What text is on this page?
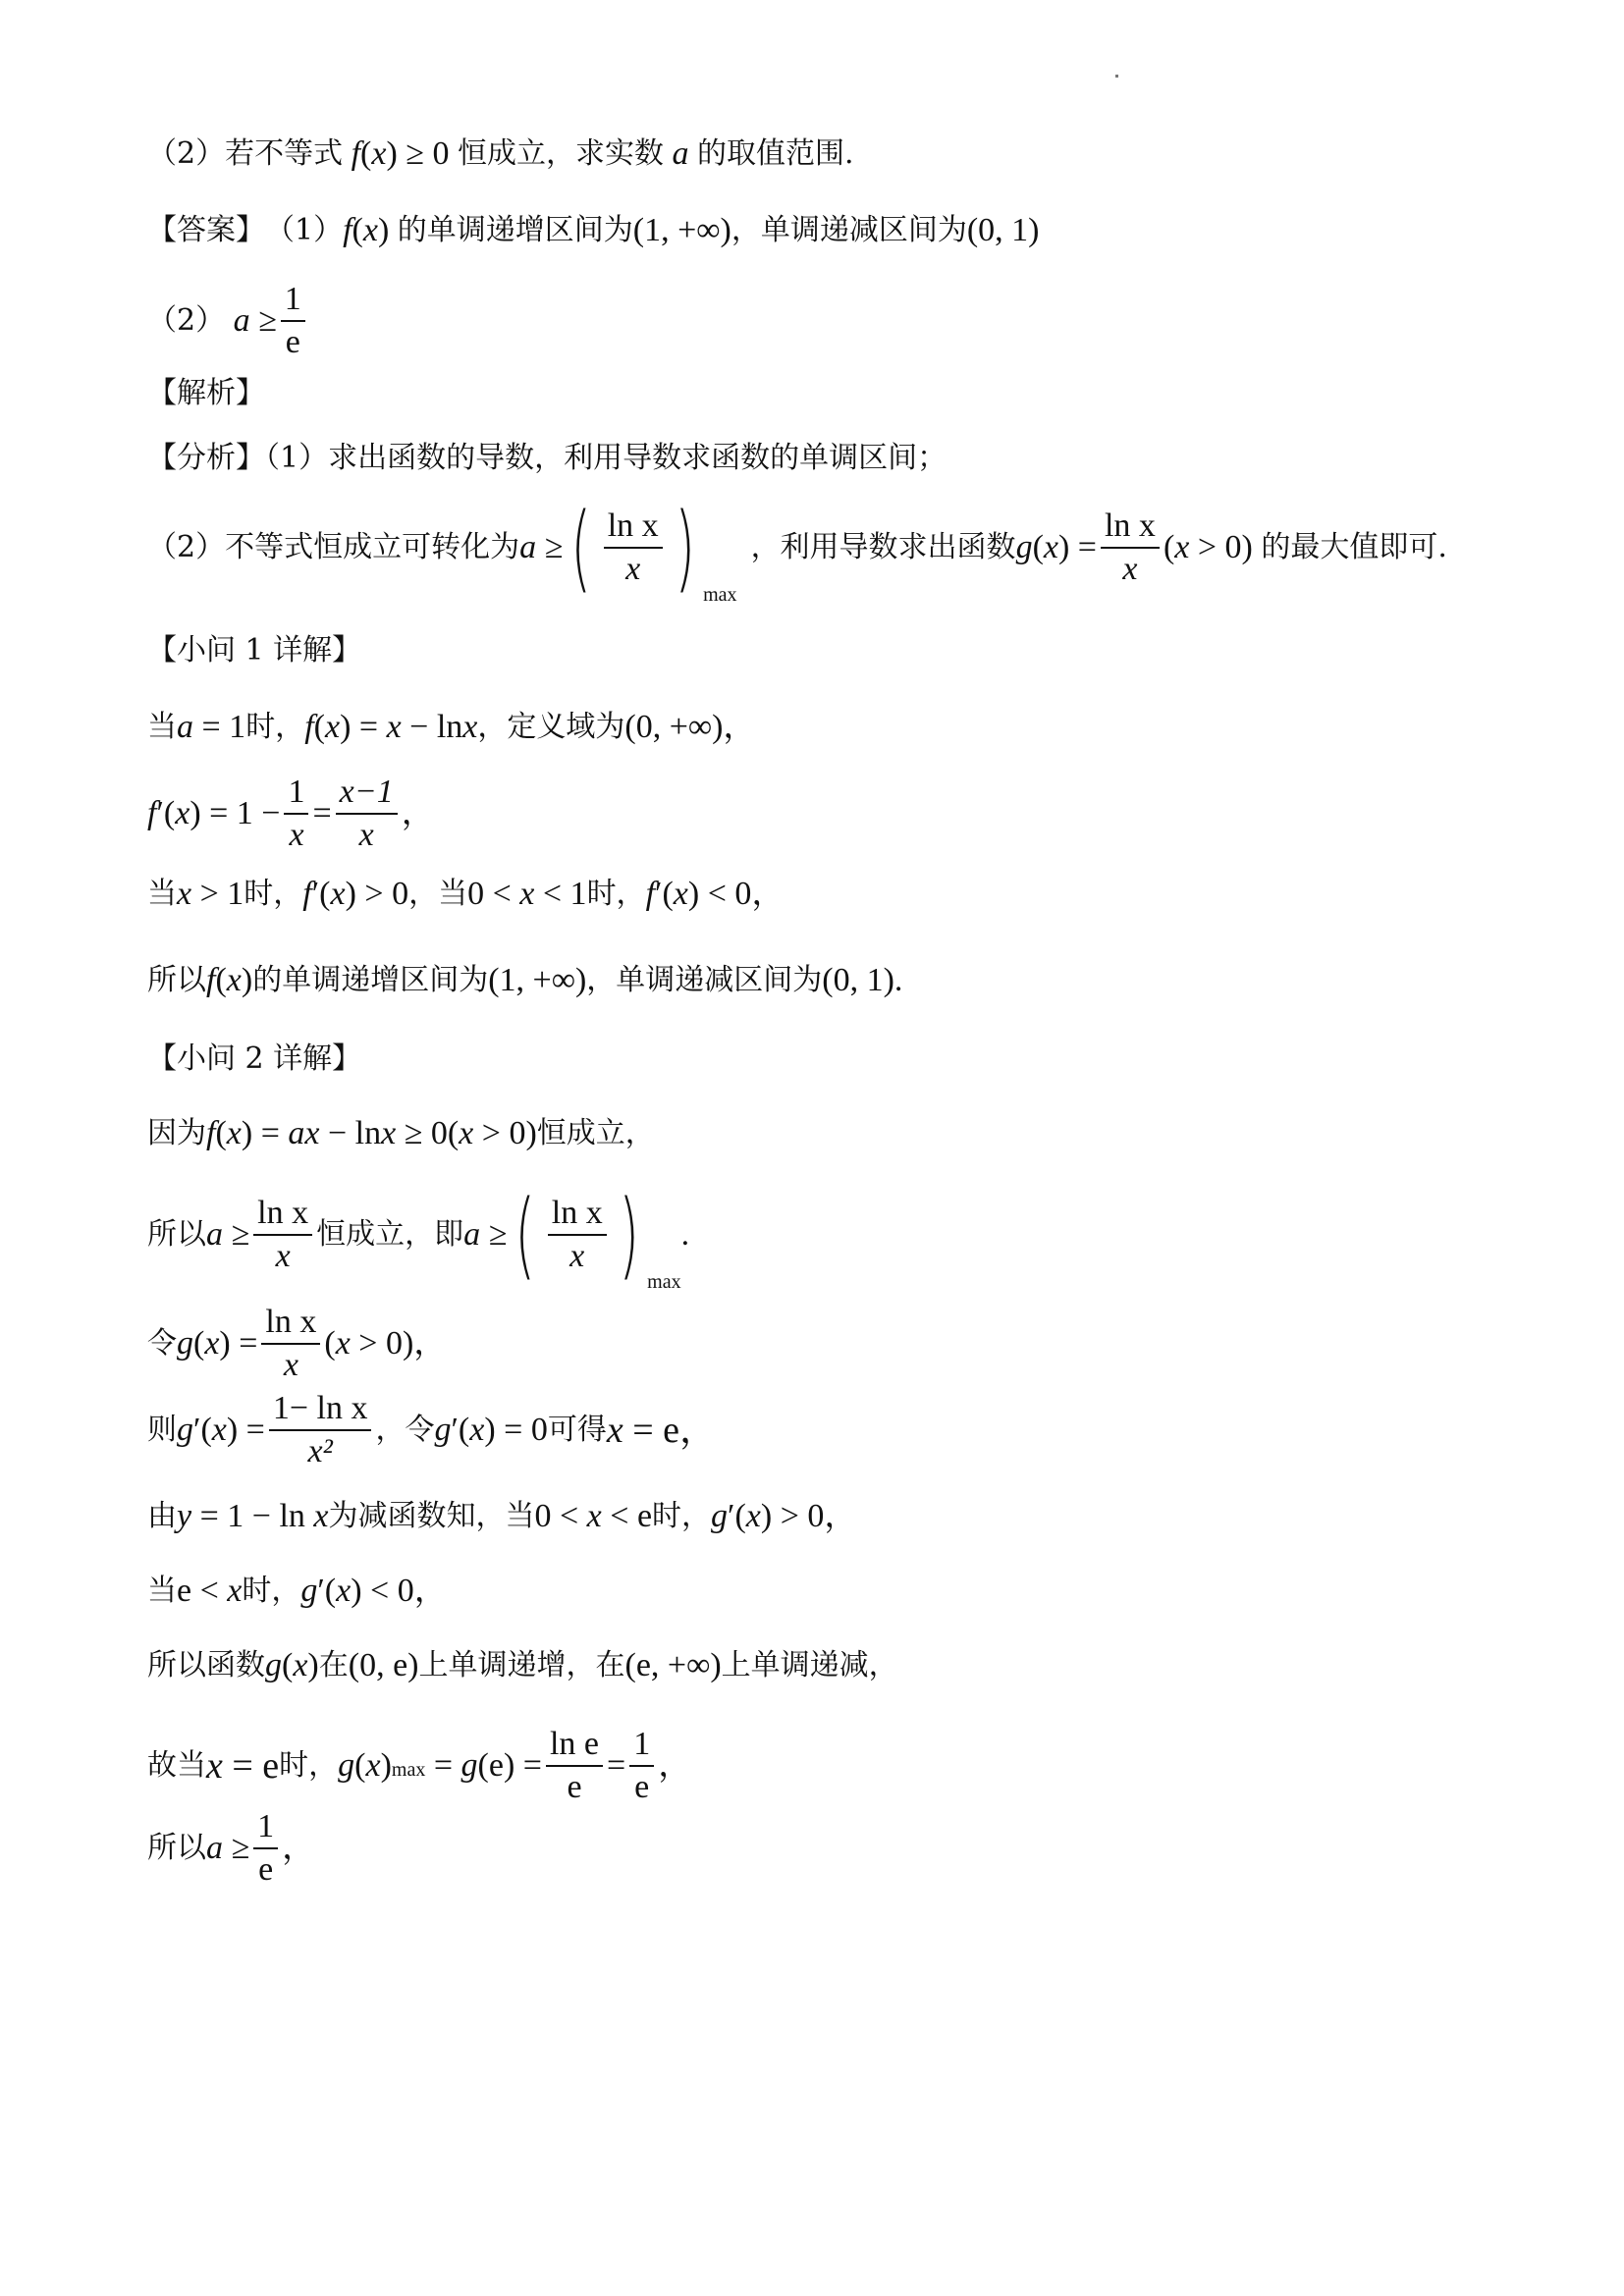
（2）若不等式 f(x) ≥ 0 恒成立，求实数 a 的取值范围.
【答案】 （1） f(x) 的单调递增区间为 (1, +∞) ，单调递减区间为 (0, 1)
（2） $a \ge \frac{1}{e}$
【解析】
【分析】（1）求出函数的导数，利用导数求函数的单调区间；
（2）不等式恒成立可转化为 a ≥ ( $\frac{\text{ln x}}{x}$ ) max
，利用导数求出函数 $g(x) = \frac{\text{ln x}}{x} (x > 0)$ 的最大值即可.
【小问 1 详解】
当 a = 1 时， f(x) = x − lnx ，定义域为 (0, +∞)，
$f'(x) = 1 - \frac{1}{x} = \frac{x-1}{x}$ ，
当 x > 1 时， f′(x) > 0 ，当 0 < x < 1 时， f′(x) < 0，
所以 f(x) 的单调递增区间为 (1, +∞) ，单调递减区间为 (0, 1).
【小问 2 详解】
因为 f(x) = ax − lnx ≥ 0(x > 0) 恒成立，
所以 $a \ge \frac{\text{ln x}}{x}$ 恒成立，即 a ≥ ( $\frac{\text{ln x}}{x}$ ) max
.
令 $g(x) = \frac{\text{ln x}}{x} (x > 0)$，
则 $g'(x) = \frac{\text{1− ln x}}{\text{x²}}$ ，令 g′(x) = 0 可得 x = e，
由 y = 1 − ln x 为减函数知，当 0 < x < e 时， g′(x) > 0，
当 e < x 时， g′(x) < 0，
所以函数 g(x) 在 (0, e) 上单调递增，在 (e, +∞) 上单调递减，
故当 x = e 时， $g(x)\max = g(e) = \frac{\text{ln e}}{e} = \frac{1}{e}$ ，
所以 $a \ge \frac{1}{e}$ ，
